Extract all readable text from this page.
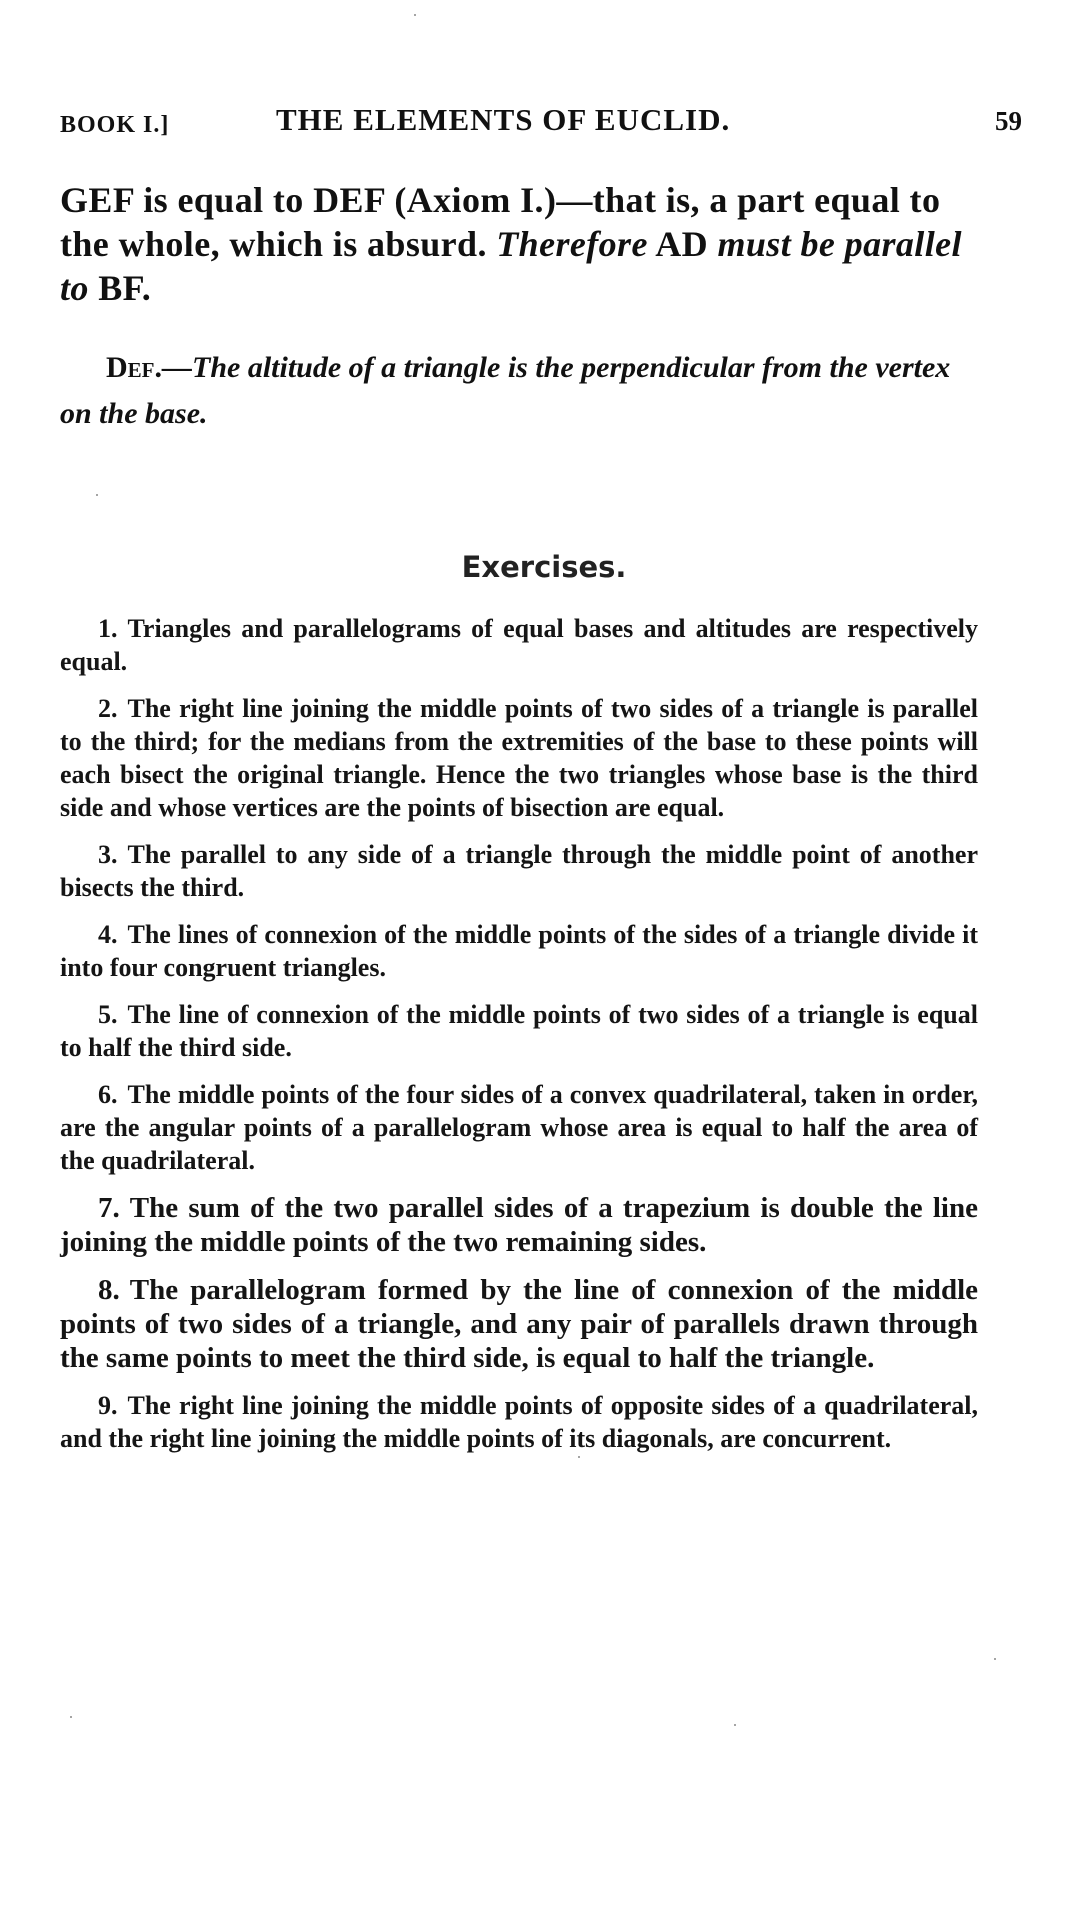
BOOK I.]	THE ELEMENTS OF EUCLID.	59

GEF is equal to DEF (Axiom I.)—that is, a part equal to the whole, which is absurd. Therefore AD must be parallel to BF.

Def.—The altitude of a triangle is the perpendicular from the vertex on the base.

Exercises.

1. Triangles and parallelograms of equal bases and altitudes are respectively equal.

2. The right line joining the middle points of two sides of a triangle is parallel to the third; for the medians from the extremities of the base to these points will each bisect the original triangle. Hence the two triangles whose base is the third side and whose vertices are the points of bisection are equal.

3. The parallel to any side of a triangle through the middle point of another bisects the third.

4. The lines of connexion of the middle points of the sides of a triangle divide it into four congruent triangles.

5. The line of connexion of the middle points of two sides of a triangle is equal to half the third side.

6. The middle points of the four sides of a convex quadrilateral, taken in order, are the angular points of a parallelogram whose area is equal to half the area of the quadrilateral.

7. The sum of the two parallel sides of a trapezium is double the line joining the middle points of the two remaining sides.

8. The parallelogram formed by the line of connexion of the middle points of two sides of a triangle, and any pair of parallels drawn through the same points to meet the third side, is equal to half the triangle.

9. The right line joining the middle points of opposite sides of a quadrilateral, and the right line joining the middle points of its diagonals, are concurrent.
